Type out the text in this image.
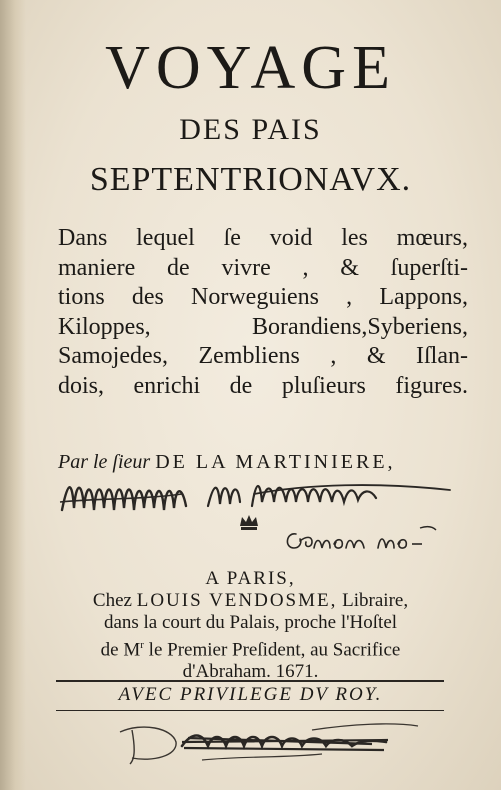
VOYAGE
DES PAIS
SEPTENTRIONAVX.
Dans lequel ſe void les mœurs,
maniere de vivre , & ſuperſti-
tions des Norweguiens , Lappons,
Kiloppes, Borandiens,Syberiens,
Samojedes, Zembliens , & Iſlan-
dois, enrichi de pluſieurs figures.
Par le ſieur DE LA MARTINIERE,
A PARIS,
Chez LOUIS VENDOSME, Libraire,
dans la court du Palais, proche l'Hoſtel
de $M^r$ le Premier Preſident, au Sacrifice
d'Abraham. 1671.
AVEC PRIVILEGE DV ROY.
